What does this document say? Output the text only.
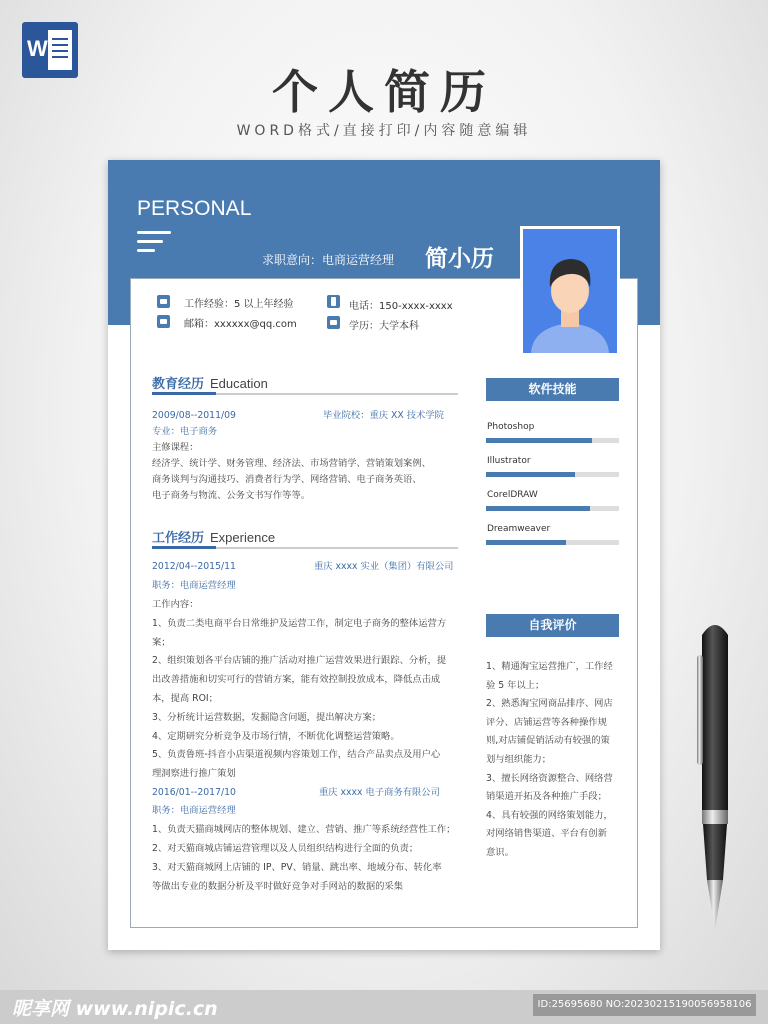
W
个人简历
WORD格式/直接打印/内容随意编辑
PERSONAL
求职意向：电商运营经理 简小历
工作经验：5 以上年经验	电话：150-xxxx-xxxx
邮箱：xxxxxx@qq.com	学历：大学本科
教育经历 Education
2009/08--2011/09	毕业院校：重庆 XX 技术学院
专业：电子商务
主修课程：
经济学、统计学、财务管理、经济法、市场营销学、营销策划案例、
商务谈判与沟通技巧、消费者行为学、网络营销、电子商务英语、
电子商务与物流、公务文书写作等等。
工作经历 Experience
2012/04--2015/11	重庆 xxxx 实业（集团）有限公司
职务：电商运营经理
工作内容：
1、负责二类电商平台日常维护及运营工作，制定电子商务的整体运营方
案；
2、组织策划各平台店铺的推广活动对推广运营效果进行跟踪、分析，提
出改善措施和切实可行的营销方案，能有效控制投放成本，降低点击成
本，提高 ROI；
3、分析统计运营数据，发掘隐含问题，提出解决方案；
4、定期研究分析竞争及市场行情，不断优化调整运营策略。
5、负责鲁班-抖音小店渠道视频内容策划工作，结合产品卖点及用户心
理洞察进行推广策划
2016/01--2017/10	重庆 xxxx 电子商务有限公司
职务：电商运营经理
1、负责天猫商城网店的整体规划、建立、营销、推广等系统经营性工作；
2、对天猫商城店铺运营管理以及人员组织结构进行全面的负责；
3、对天猫商城网上店铺的 IP、PV、销量、跳出率、地域分布、转化率
等做出专业的数据分析及平时做好竞争对手网站的数据的采集
软件技能
Photoshop
Illustrator
CorelDRAW
Dreamweaver
自我评价
1、精通淘宝运营推广，工作经
验 5 年以上；
2、熟悉淘宝网商品排序、网店
评分、店铺运营等各种操作规
则,对店铺促销活动有较强的策
划与组织能力；
3、擅长网络资源整合、网络营
销渠道开拓及各种推广手段；
4、具有较强的网络策划能力，
对网络销售渠道、平台有创新
意识。
昵享网 www.nipic.cn	ID:25695680 NO:20230215190056958106
